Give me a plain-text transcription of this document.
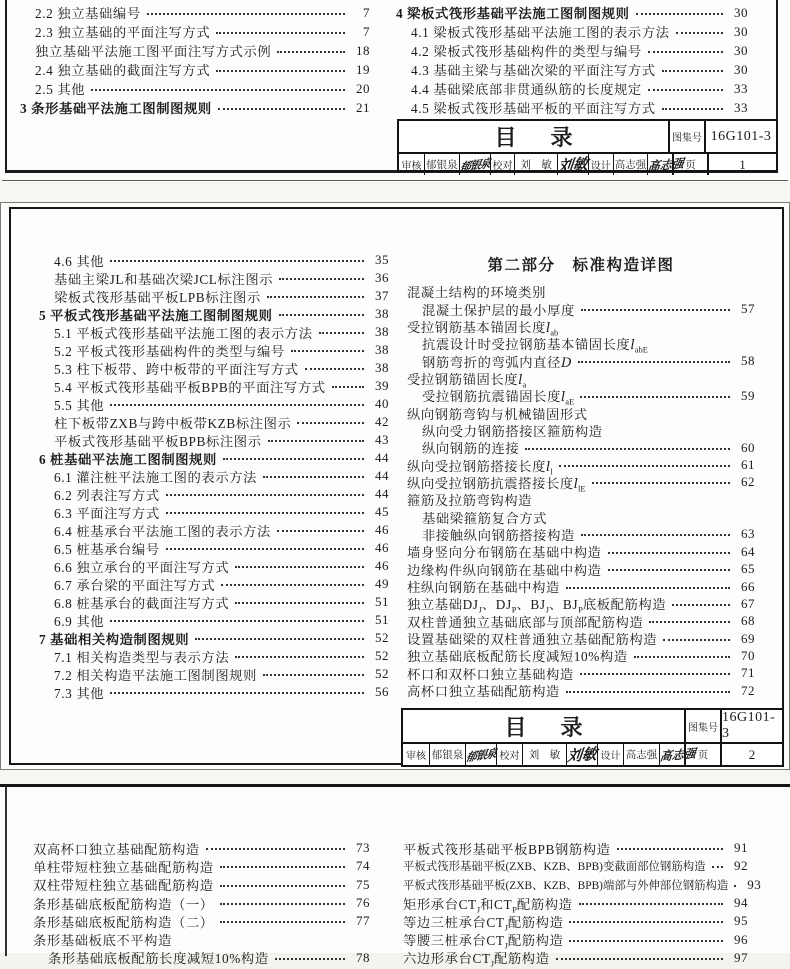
2.2 独立基础编号	7
2.3 独立基础的平面注写方式	7
独立基础平法施工图平面注写方式示例	18
2.4 独立基础的截面注写方式	19
2.5 其他	20
3 条形基础平法施工图制图规则	21
4 梁板式筏形基础平法施工图制图规则	30
4.1 梁板式筏形基础平法施工图的表示方法	30
4.2 梁板式筏形基础构件的类型与编号	30
4.3 基础主梁与基础次梁的平面注写方式	30
4.4 基础梁底部非贯通纵筋的长度规定	33
4.5 梁板式筏形基础平板的平面注写方式	33
目　录	图集号 16G101-3
审核 郁银泉 郁银泉 校对 刘　敏 刘敏 设计 高志强 高志强 页	1
4.6 其他	35
基础主梁JL和基础次梁JCL标注图示	36
梁板式筏形基础平板LPB标注图示	37
5 平板式筏形基础平法施工图制图规则	38
5.1 平板式筏形基础平法施工图的表示方法	38
5.2 平板式筏形基础构件的类型与编号	38
5.3 柱下板带、跨中板带的平面注写方式	38
5.4 平板式筏形基础平板BPB的平面注写方式	39
5.5 其他	40
柱下板带ZXB与跨中板带KZB标注图示	42
平板式筏形基础平板BPB标注图示	43
6 桩基础平法施工图制图规则	44
6.1 灌注桩平法施工图的表示方法	44
6.2 列表注写方式	44
6.3 平面注写方式	45
6.4 桩基承台平法施工图的表示方法	46
6.5 桩基承台编号	46
6.6 独立承台的平面注写方式	46
6.7 承台梁的平面注写方式	49
6.8 桩基承台的截面注写方式	51
6.9 其他	51
7 基础相关构造制图规则	52
7.1 相关构造类型与表示方法	52
7.2 相关构造平法施工图制图规则	52
7.3 其他	56
第二部分　标准构造详图
混凝土结构的环境类别
混凝土保护层的最小厚度	57
受拉钢筋基本锚固长度$l_{ab}$
抗震设计时受拉钢筋基本锚固长度$l_{abE}$
钢筋弯折的弯弧内直径D	58
受拉钢筋锚固长度$l_a$
受拉钢筋抗震锚固长度$l_{aE}$	59
纵向钢筋弯钩与机械锚固形式
纵向受力钢筋搭接区箍筋构造
纵向钢筋的连接	60
纵向受拉钢筋搭接长度$l_l$	61
纵向受拉钢筋抗震搭接长度$l_{lE}$	62
箍筋及拉筋弯钩构造
基础梁箍筋复合方式
非接触纵向钢筋搭接构造	63
墙身竖向分布钢筋在基础中构造	64
边缘构件纵向钢筋在基础中构造	65
柱纵向钢筋在基础中构造	66
独立基础$DJ_J$、$DJ_P$、$BJ_J$、$BJ_P$底板配筋构造	67
双柱普通独立基础底部与顶部配筋构造	68
设置基础梁的双柱普通独立基础配筋构造	69
独立基础底板配筋长度减短10%构造	70
杯口和双杯口独立基础构造	71
高杯口独立基础配筋构造	72
目　录	图集号
16G101-3
审核 郁银泉 郁银泉 校对 刘　敏 刘敏 设计 高志强 高志强 页	2
双高杯口独立基础配筋构造	73
单柱带短柱独立基础配筋构造	74
双柱带短柱独立基础配筋构造	75
条形基础底板配筋构造（一）	76
条形基础底板配筋构造（二）	77
条形基础板底不平构造
条形基础底板配筋长度减短10%构造	78
平板式筏形基础平板BPB钢筋构造	91
平板式筏形基础平板(ZXB、KZB、BPB)变截面部位钢筋构造	92
平板式筏形基础平板(ZXB、KZB、BPB)端部与外伸部位钢筋构造	93
矩形承台$CT_J$和$CT_P$配筋构造	94
等边三桩承台$CT_J$配筋构造	95
等腰三桩承台$CT_J$配筋构造	96
六边形承台$CT_J$配筋构造	97
